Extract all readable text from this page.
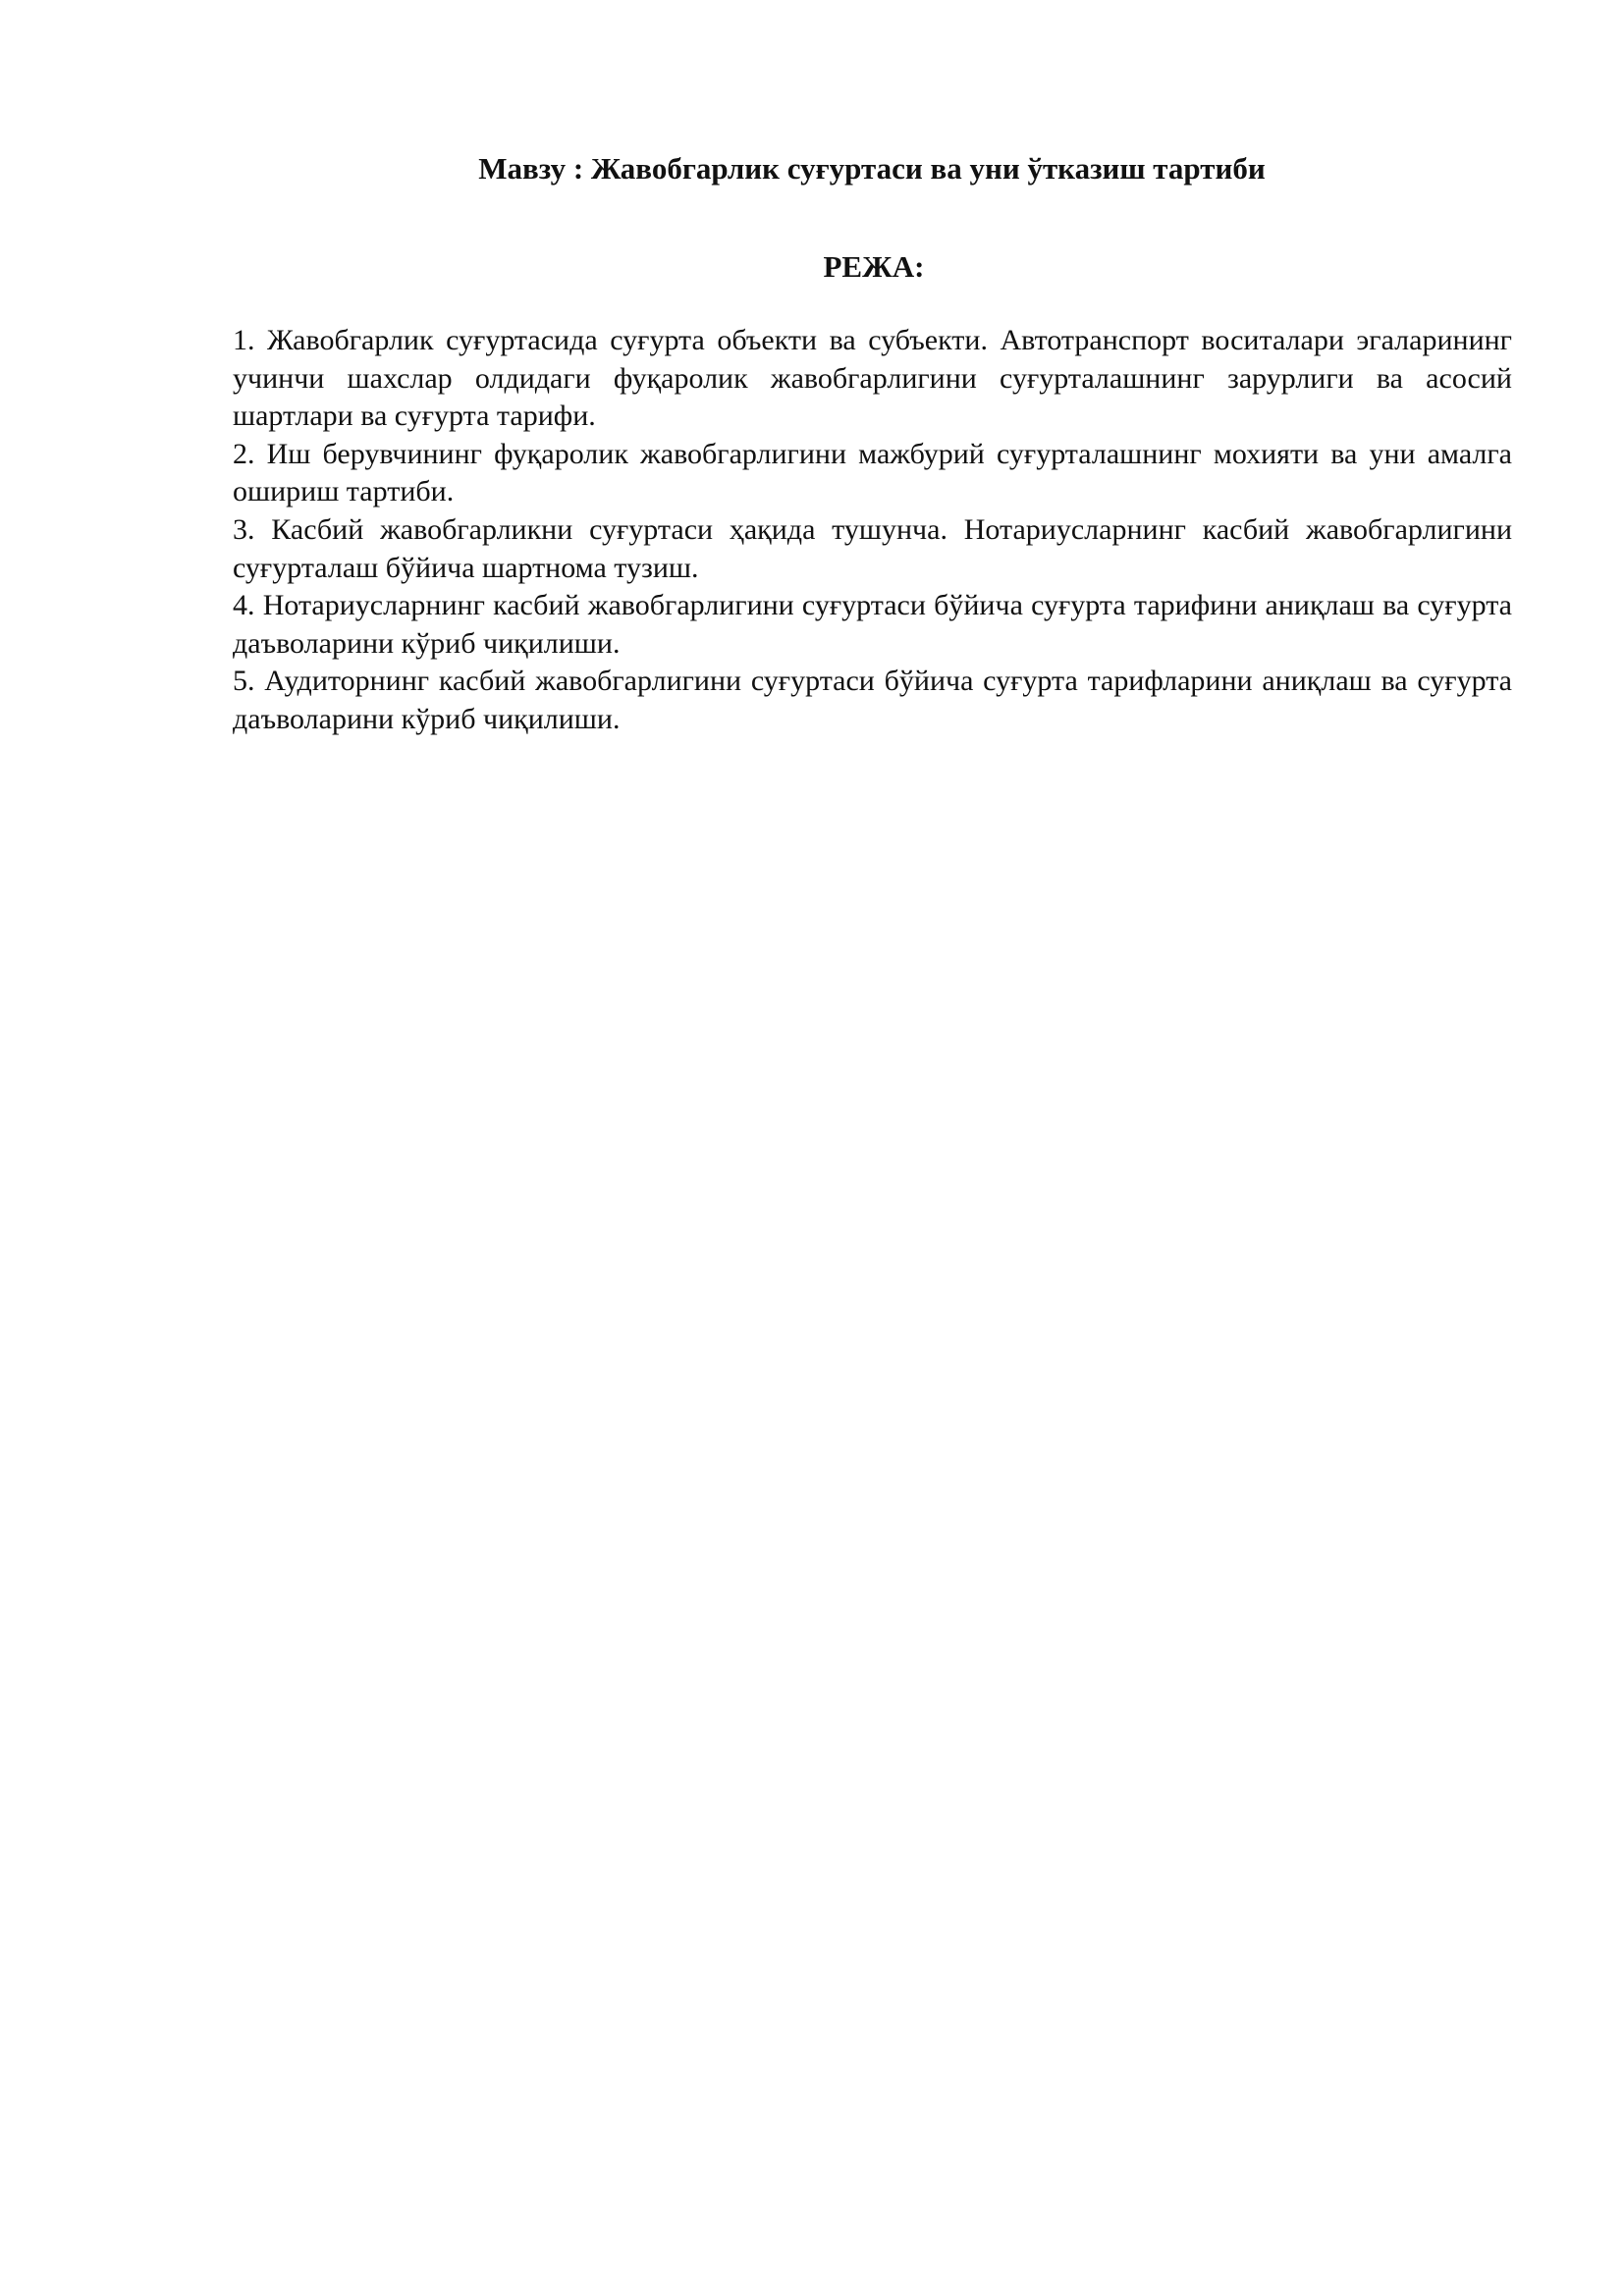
Мавзу : Жавобгарлик суғуртаси ва уни ўтказиш тартиби
РЕЖА:
1. Жавобгарлик суғуртасида суғурта объекти ва субъекти. Автотранспорт воситалари эгаларининг учинчи шахслар олдидаги фуқаролик жавобгарлигини суғурталашнинг зарурлиги ва асосий шартлари ва суғурта тарифи.
2. Иш берувчининг фуқаролик жавобгарлигини мажбурий суғурталашнинг мохияти ва уни амалга ошириш тартиби.
3. Касбий жавобгарликни суғуртаси ҳақида тушунча. Нотариусларнинг касбий жавобгарлигини суғурталаш бўйича шартнома тузиш.
4. Нотариусларнинг касбий жавобгарлигини суғуртаси бўйича суғурта тарифини аниқлаш ва суғурта даъволарини кўриб чиқилиши.
5. Аудиторнинг касбий жавобгарлигини суғуртаси бўйича суғурта тарифларини аниқлаш ва суғурта даъволарини кўриб чиқилиши.
